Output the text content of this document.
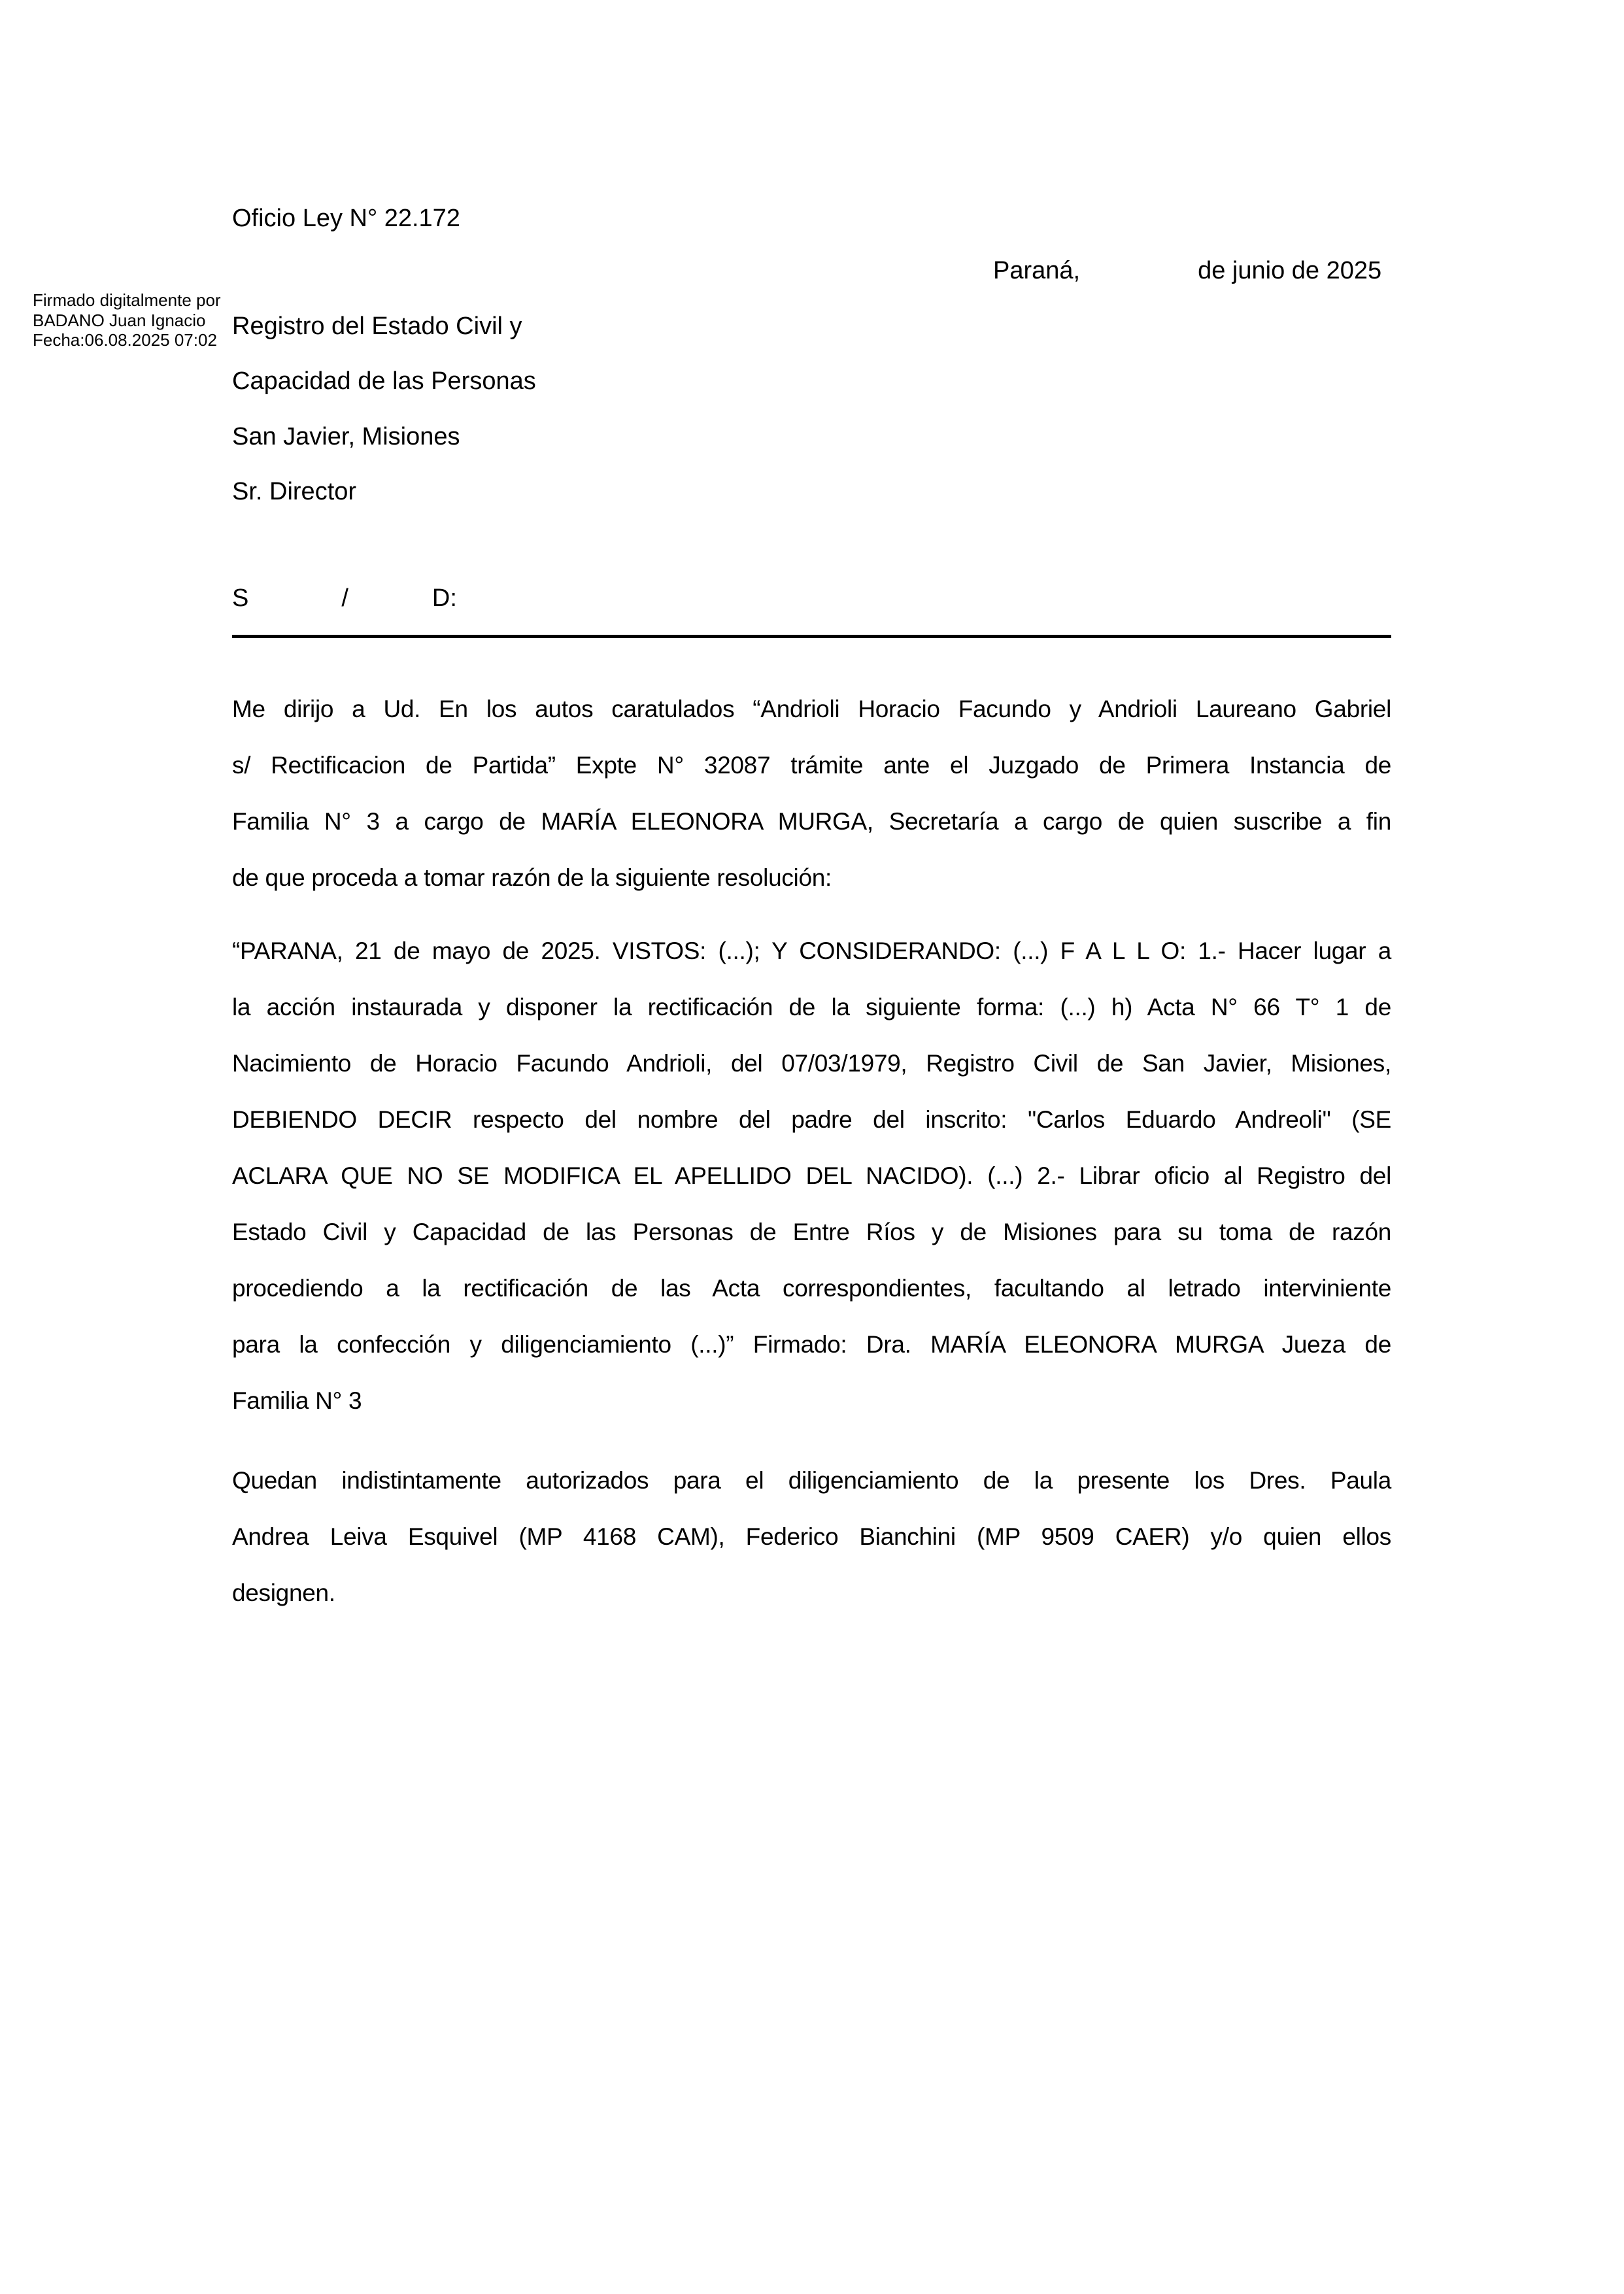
Oficio Ley N° 22.172
Paraná,	de junio de 2025
Firmado digitalmente por
BADANO Juan Ignacio
Fecha:06.08.2025 07:02 Registro del Estado Civil y
Capacidad de las Personas
San Javier, Misiones
Sr. Director
S	/	D:
Me dirijo a Ud. En los autos caratulados “Andrioli Horacio Facundo y Andrioli Laureano Gabriel
s/ Rectificacion de Partida” Expte N° 32087 trámite ante el Juzgado de Primera Instancia de
Familia N° 3 a cargo de MARÍA ELEONORA MURGA, Secretaría a cargo de quien suscribe a fin
de que proceda a tomar razón de la siguiente resolución:
“PARANA, 21 de mayo de 2025. VISTOS: (...); Y CONSIDERANDO: (...) F A L L O: 1.- Hacer lugar a
la acción instaurada y disponer la rectificación de la siguiente forma: (...) h) Acta N° 66 T° 1 de
Nacimiento de Horacio Facundo Andrioli, del 07/03/1979, Registro Civil de San Javier, Misiones,
DEBIENDO DECIR respecto del nombre del padre del inscrito: "Carlos Eduardo Andreoli" (SE
ACLARA QUE NO SE MODIFICA EL APELLIDO DEL NACIDO). (...) 2.- Librar oficio al Registro del
Estado Civil y Capacidad de las Personas de Entre Ríos y de Misiones para su toma de razón
procediendo a la rectificación de las Acta correspondientes, facultando al letrado interviniente
para la confección y diligenciamiento (...)” Firmado: Dra. MARÍA ELEONORA MURGA Jueza de
Familia N° 3
Quedan indistintamente autorizados para el diligenciamiento de la presente los Dres. Paula
Andrea Leiva Esquivel (MP 4168 CAM), Federico Bianchini (MP 9509 CAER) y/o quien ellos
designen.
